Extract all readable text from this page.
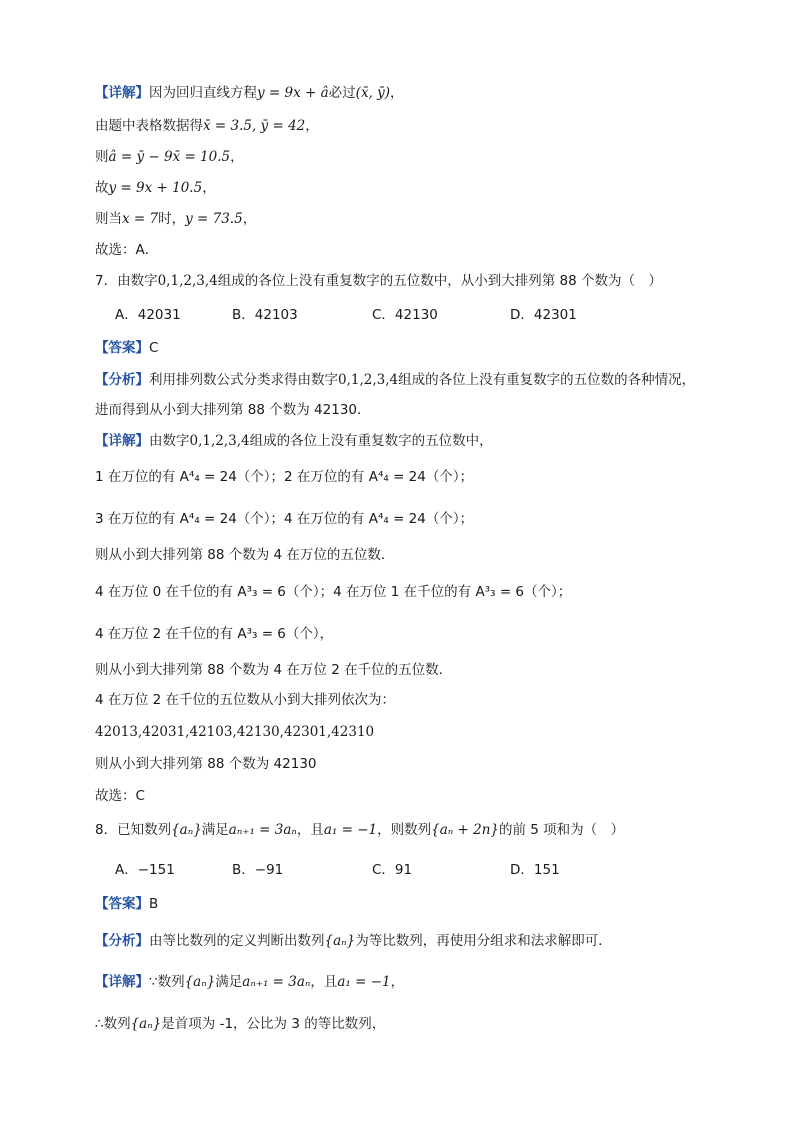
【详解】因为回归直线方程y = 9x + â必过(x̄, ȳ)，
由题中表格数据得x̄ = 3.5, ȳ = 42，
则â = ȳ − 9x̄ = 10.5，
故y = 9x + 10.5，
则当x = 7时，y = 73.5，
故选：A．
7．由数字0,1,2,3,4组成的各位上没有重复数字的五位数中，从小到大排列第 88 个数为（　）
A．42031	B．42103	C．42130	D．42301
【答案】C
【分析】利用排列数公式分类求得由数字0,1,2,3,4组成的各位上没有重复数字的五位数的各种情况，
进而得到从小到大排列第 88 个数为 42130．
【详解】由数字0,1,2,3,4组成的各位上没有重复数字的五位数中，
1 在万位的有 A⁴₄ = 24（个）；2 在万位的有 A⁴₄ = 24（个）；
3 在万位的有 A⁴₄ = 24（个）；4 在万位的有 A⁴₄ = 24（个）；
则从小到大排列第 88 个数为 4 在万位的五位数．
4 在万位 0 在千位的有 A³₃ = 6（个）；4 在万位 1 在千位的有 A³₃ = 6（个）；
4 在万位 2 在千位的有 A³₃ = 6（个），
则从小到大排列第 88 个数为 4 在万位 2 在千位的五位数．
4 在万位 2 在千位的五位数从小到大排列依次为：
42013,42031,42103,42130,42301,42310
则从小到大排列第 88 个数为 42130
故选：C
8．已知数列{aₙ}满足aₙ₊₁ = 3aₙ，且a₁ = −1，则数列{aₙ + 2n}的前 5 项和为（　）
A．−151	B．−91	C．91	D．151
【答案】B
【分析】由等比数列的定义判断出数列{aₙ}为等比数列，再使用分组求和法求解即可．
【详解】∵数列{aₙ}满足aₙ₊₁ = 3aₙ，且a₁ = −1，
∴数列{aₙ}是首项为 -1，公比为 3 的等比数列，
